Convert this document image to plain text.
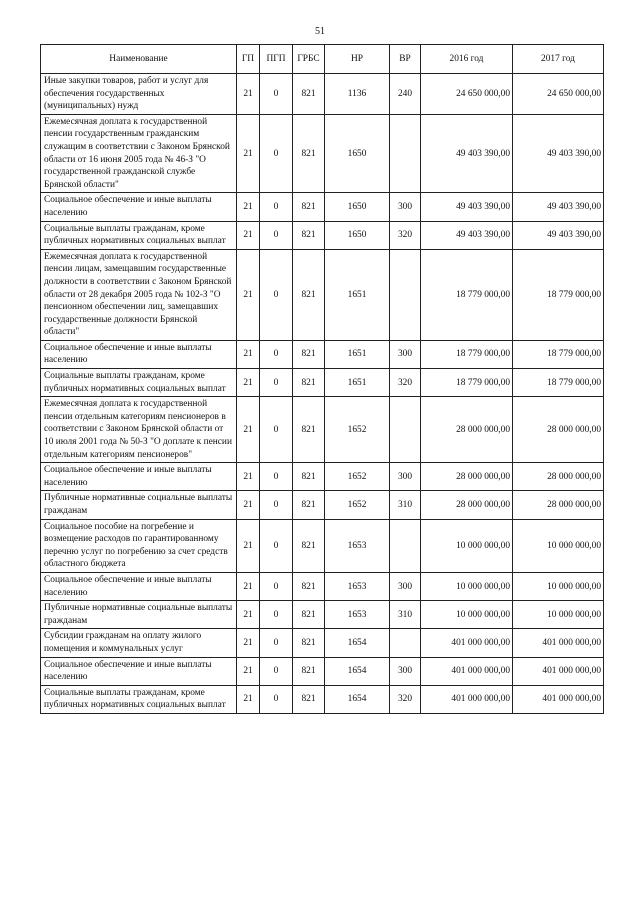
51
Наименование	ГП	ПГП	ГРБС	НР	ВР	2016 год	2017 год
Иные закупки товаров, работ и услуг для обеспечения государственных (муниципальных) нужд	21	0	821	1136	240	24 650 000,00	24 650 000,00
Ежемесячная доплата к государственной пенсии государственным гражданским служащим в соответствии с Законом Брянской области от 16 июня 2005 года № 46-З "О государственной гражданской службе Брянской области"	21	0	821	1650		49 403 390,00	49 403 390,00
Социальное обеспечение и иные выплаты населению	21	0	821	1650	300	49 403 390,00	49 403 390,00
Социальные выплаты гражданам, кроме публичных нормативных социальных выплат	21	0	821	1650	320	49 403 390,00	49 403 390,00
Ежемесячная доплата к государственной пенсии лицам, замещавшим государственные должности в соответствии с Законом Брянской области от 28 декабря 2005 года № 102-З "О пенсионном обеспечении лиц, замещавших государственные должности Брянской области"	21	0	821	1651		18 779 000,00	18 779 000,00
Социальное обеспечение и иные выплаты населению	21	0	821	1651	300	18 779 000,00	18 779 000,00
Социальные выплаты гражданам, кроме публичных нормативных социальных выплат	21	0	821	1651	320	18 779 000,00	18 779 000,00
Ежемесячная доплата к государственной пенсии отдельным категориям пенсионеров в соответствии с Законом Брянской области от 10 июля 2001 года № 50-З "О доплате к пенсии отдельным категориям пенсионеров"	21	0	821	1652		28 000 000,00	28 000 000,00
Социальное обеспечение и иные выплаты населению	21	0	821	1652	300	28 000 000,00	28 000 000,00
Публичные нормативные социальные выплаты гражданам	21	0	821	1652	310	28 000 000,00	28 000 000,00
Социальное пособие на погребение и возмещение расходов по гарантированному перечню услуг по погребению за счет средств областного бюджета	21	0	821	1653		10 000 000,00	10 000 000,00
Социальное обеспечение и иные выплаты населению	21	0	821	1653	300	10 000 000,00	10 000 000,00
Публичные нормативные социальные выплаты гражданам	21	0	821	1653	310	10 000 000,00	10 000 000,00
Субсидии гражданам на оплату жилого помещения и коммунальных услуг	21	0	821	1654		401 000 000,00	401 000 000,00
Социальное обеспечение и иные выплаты населению	21	0	821	1654	300	401 000 000,00	401 000 000,00
Социальные выплаты гражданам, кроме публичных нормативных социальных выплат	21	0	821	1654	320	401 000 000,00	401 000 000,00
